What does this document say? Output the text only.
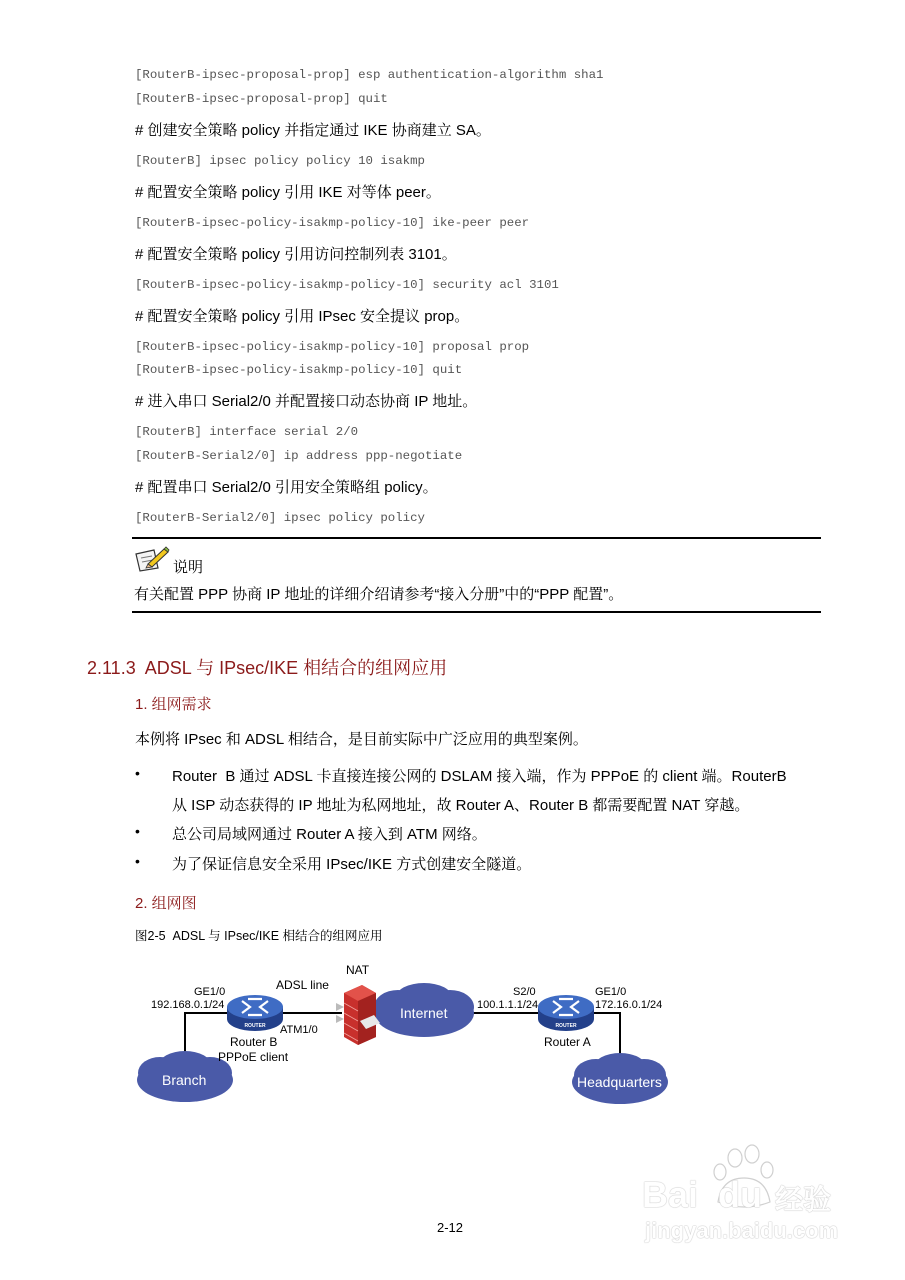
[RouterB-ipsec-proposal-prop] esp authentication-algorithm sha1
[RouterB-ipsec-proposal-prop] quit
# 创建安全策略 policy 并指定通过 IKE 协商建立 SA。
[RouterB] ipsec policy policy 10 isakmp
# 配置安全策略 policy 引用 IKE 对等体 peer。
[RouterB-ipsec-policy-isakmp-policy-10] ike-peer peer
# 配置安全策略 policy 引用访问控制列表 3101。
[RouterB-ipsec-policy-isakmp-policy-10] security acl 3101
# 配置安全策略 policy 引用 IPsec 安全提议 prop。
[RouterB-ipsec-policy-isakmp-policy-10] proposal prop
[RouterB-ipsec-policy-isakmp-policy-10] quit
# 进入串口 Serial2/0 并配置接口动态协商 IP 地址。
[RouterB] interface serial 2/0
[RouterB-Serial2/0] ip address ppp-negotiate
# 配置串口 Serial2/0 引用安全策略组 policy。
[RouterB-Serial2/0] ipsec policy policy
说明
有关配置 PPP 协商 IP 地址的详细介绍请参考“接入分册”中的“PPP 配置”。
2.11.3  ADSL 与 IPsec/IKE 相结合的组网应用
1. 组网需求
本例将 IPsec 和 ADSL 相结合，是目前实际中广泛应用的典型案例。
• Router  B 通过 ADSL 卡直接连接公网的 DSLAM 接入端，作为 PPPoE 的 client 端。RouterB
从 ISP 动态获得的 IP 地址为私网地址，故 Router A、Router B 都需要配置 NAT 穿越。
• 总公司局域网通过 Router A 接入到 ATM 网络。
• 为了保证信息安全采用 IPsec/IKE 方式创建安全隧道。
2. 组网图
图2-5  ADSL 与 IPsec/IKE 相结合的组网应用
ROUTER	ROUTER
NAT
ADSL line
GE1/0
192.168.0.1/24
ATM1/0
Router B
PPPoE client
Branch
Internet
S2/0
100.1.1.1/24
GE1/0
172.16.0.1/24
Router A
Headquarters
2-12
Bai  du 经验
jingyan.baidu.com
